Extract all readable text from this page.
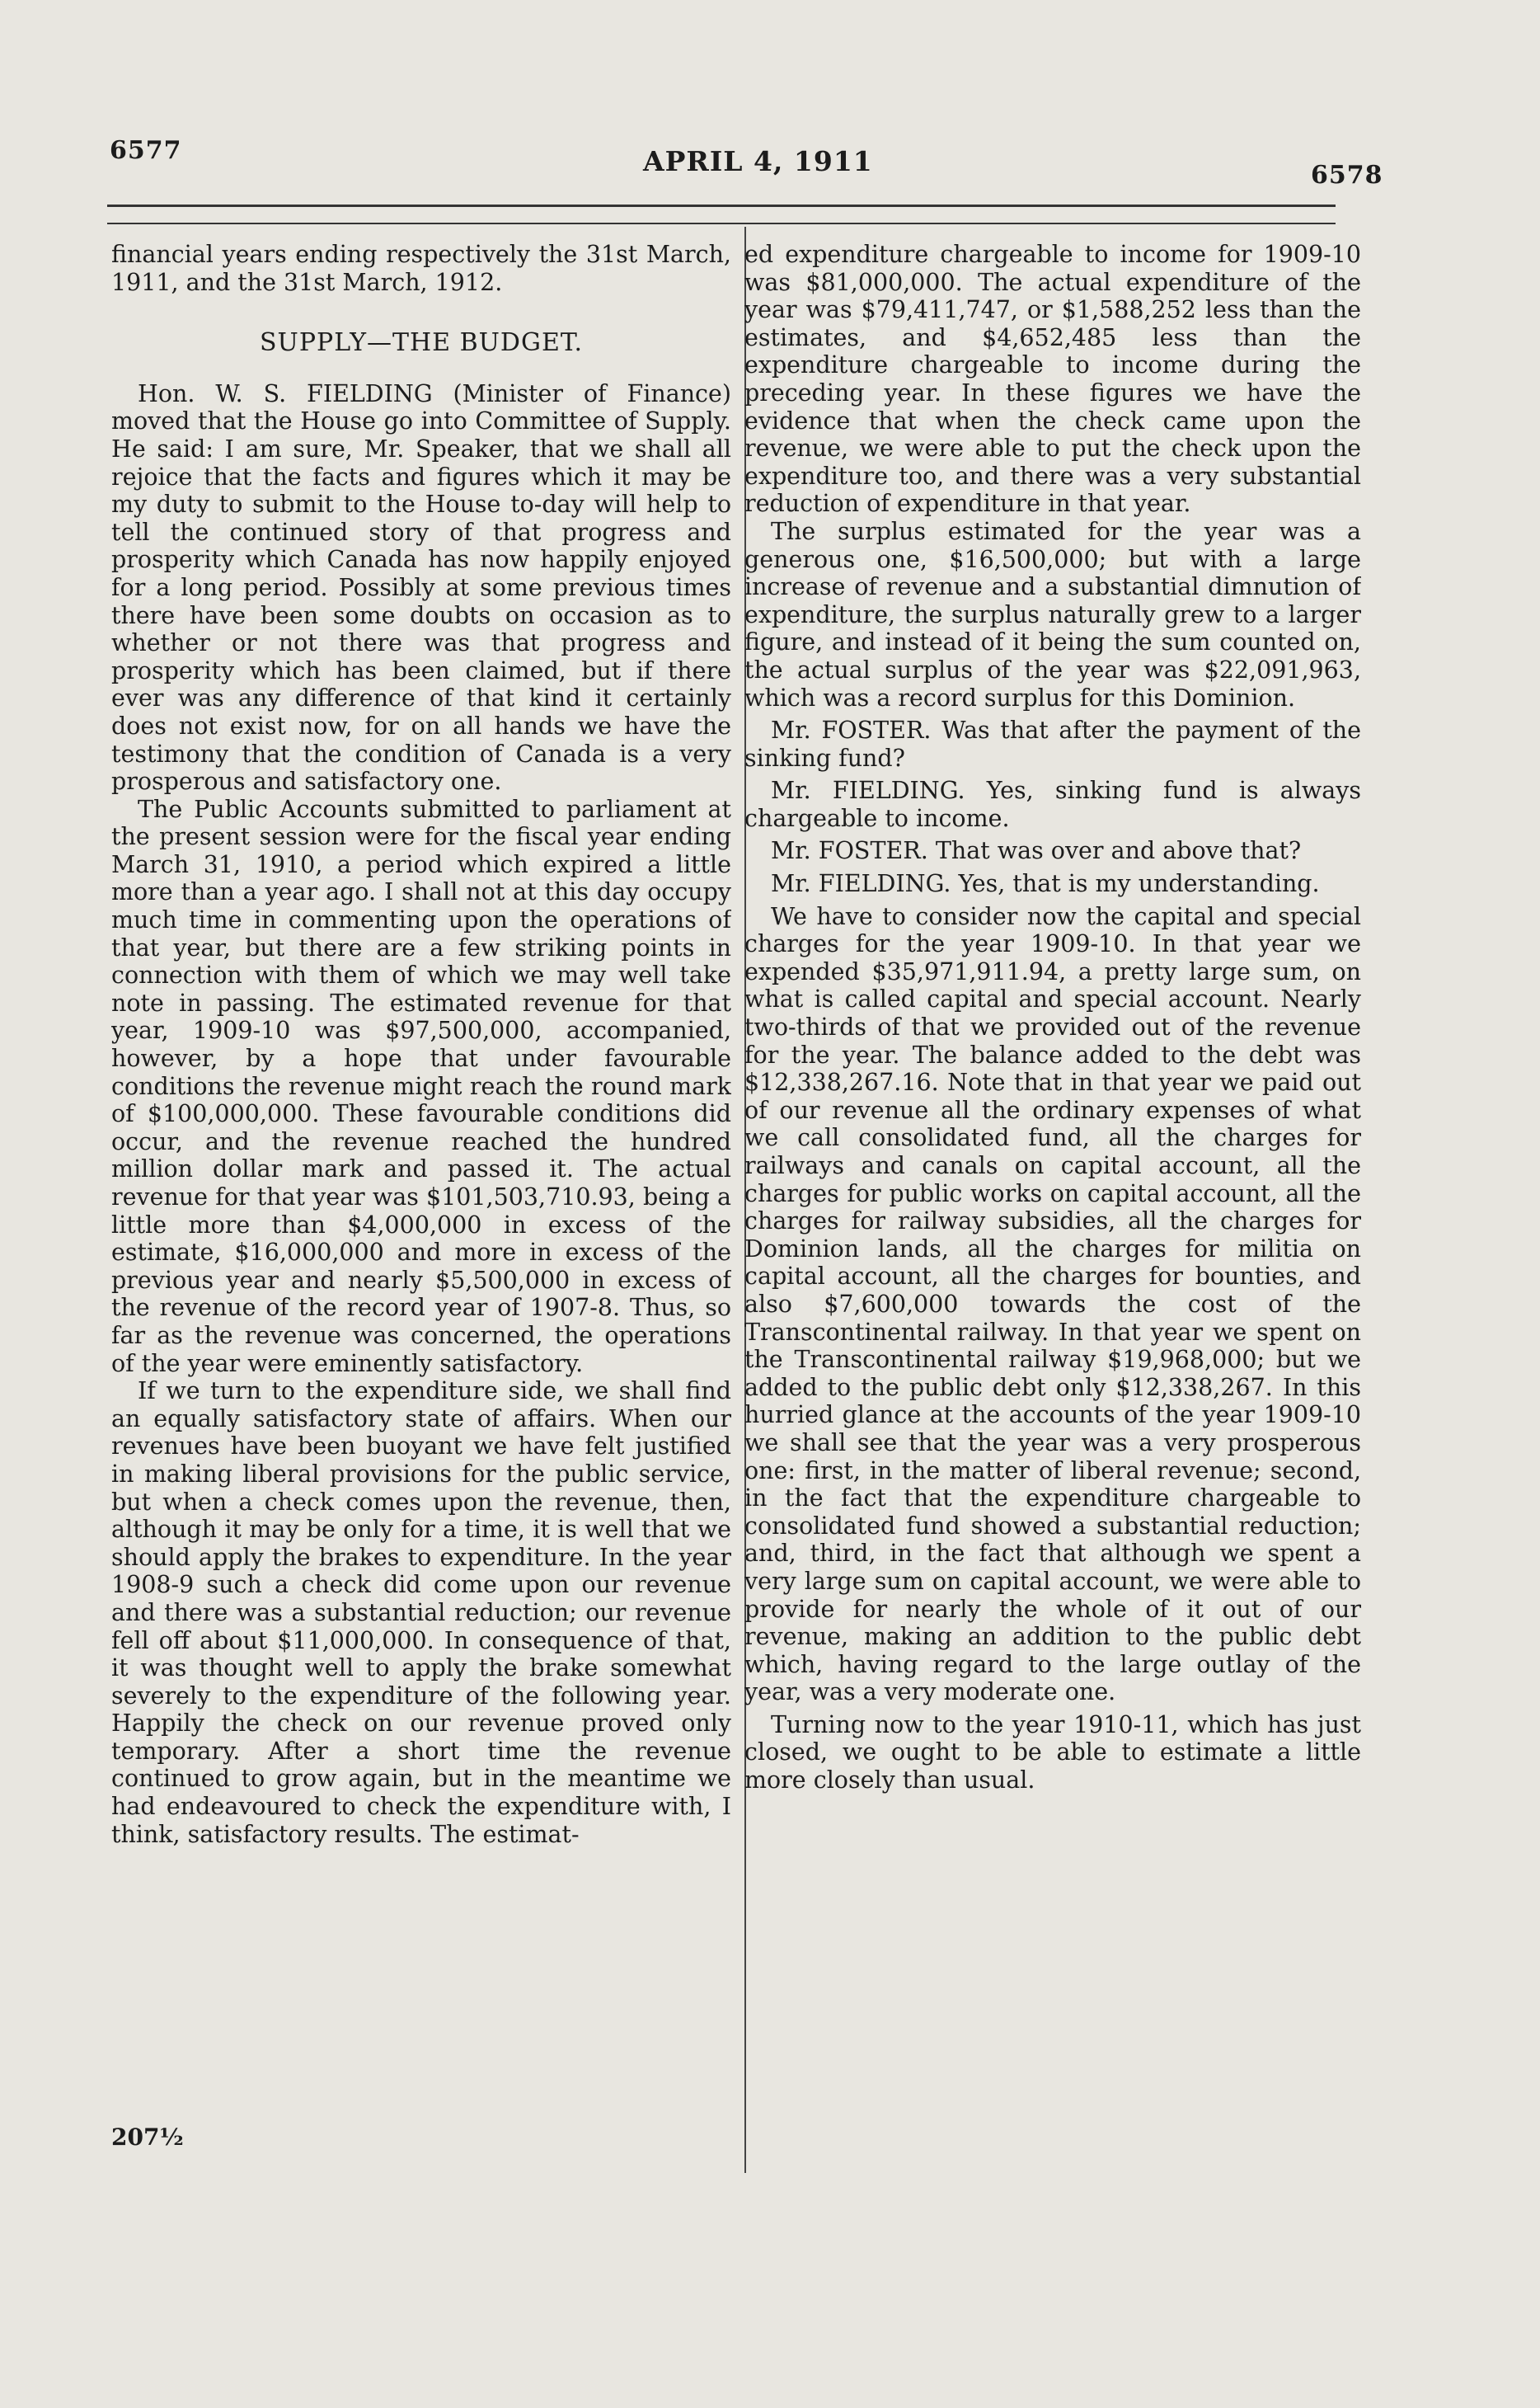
6577	APRIL 4, 1911	6578

financial years ending respectively the 31st March, 1911, and the 31st March, 1912.

SUPPLY—THE BUDGET.

Hon. W. S. FIELDING (Minister of Finance) moved that the House go into Committee of Supply. He said: I am sure, Mr. Speaker, that we shall all rejoice that the facts and figures which it may be my duty to submit to the House to-day will help to tell the continued story of that progress and prosperity which Canada has now happily enjoyed for a long period. Possibly at some previous times there have been some doubts on occasion as to whether or not there was that progress and prosperity which has been claimed, but if there ever was any difference of that kind it certainly does not exist now, for on all hands we have the testimony that the condition of Canada is a very prosperous and satisfactory one.

The Public Accounts submitted to parliament at the present session were for the fiscal year ending March 31, 1910, a period which expired a little more than a year ago. I shall not at this day occupy much time in commenting upon the operations of that year, but there are a few striking points in connection with them of which we may well take note in passing. The estimated revenue for that year, 1909-10 was $97,500,000, accompanied, however, by a hope that under favourable conditions the revenue might reach the round mark of $100,000,000. These favourable conditions did occur, and the revenue reached the hundred million dollar mark and passed it. The actual revenue for that year was $101,503,710.93, being a little more than $4,000,000 in excess of the estimate, $16,000,000 and more in excess of the previous year and nearly $5,500,000 in excess of the revenue of the record year of 1907-8. Thus, so far as the revenue was concerned, the operations of the year were eminently satisfactory.

If we turn to the expenditure side, we shall find an equally satisfactory state of affairs. When our revenues have been buoyant we have felt justified in making liberal provisions for the public service, but when a check comes upon the revenue, then, although it may be only for a time, it is well that we should apply the brakes to expenditure. In the year 1908-9 such a check did come upon our revenue and there was a substantial reduction; our revenue fell off about $11,000,000. In consequence of that, it was thought well to apply the brake somewhat severely to the expenditure of the following year. Happily the check on our revenue proved only temporary. After a short time the revenue continued to grow again, but in the meantime we had endeavoured to check the expenditure with, I think, satisfactory results. The estimat-

ed expenditure chargeable to income for 1909-10 was $81,000,000. The actual expenditure of the year was $79,411,747, or $1,588,252 less than the estimates, and $4,652,485 less than the expenditure chargeable to income during the preceding year. In these figures we have the evidence that when the check came upon the revenue, we were able to put the check upon the expenditure too, and there was a very substantial reduction of expenditure in that year.

The surplus estimated for the year was a generous one, $16,500,000; but with a large increase of revenue and a substantial dimnution of expenditure, the surplus naturally grew to a larger figure, and instead of it being the sum counted on, the actual surplus of the year was $22,091,963, which was a record surplus for this Dominion.

Mr. FOSTER. Was that after the payment of the sinking fund?

Mr. FIELDING. Yes, sinking fund is always chargeable to income.

Mr. FOSTER. That was over and above that?

Mr. FIELDING. Yes, that is my understanding.

We have to consider now the capital and special charges for the year 1909-10. In that year we expended $35,971,911.94, a pretty large sum, on what is called capital and special account. Nearly two-thirds of that we provided out of the revenue for the year. The balance added to the debt was $12,338,267.16. Note that in that year we paid out of our revenue all the ordinary expenses of what we call consolidated fund, all the charges for railways and canals on capital account, all the charges for public works on capital account, all the charges for railway subsidies, all the charges for Dominion lands, all the charges for militia on capital account, all the charges for bounties, and also $7,600,000 towards the cost of the Transcontinental railway. In that year we spent on the Transcontinental railway $19,968,000; but we added to the public debt only $12,338,267. In this hurried glance at the accounts of the year 1909-10 we shall see that the year was a very prosperous one: first, in the matter of liberal revenue; second, in the fact that the expenditure chargeable to consolidated fund showed a substantial reduction; and, third, in the fact that although we spent a very large sum on capital account, we were able to provide for nearly the whole of it out of our revenue, making an addition to the public debt which, having regard to the large outlay of the year, was a very moderate one.

Turning now to the year 1910-11, which has just closed, we ought to be able to estimate a little more closely than usual.

207½
